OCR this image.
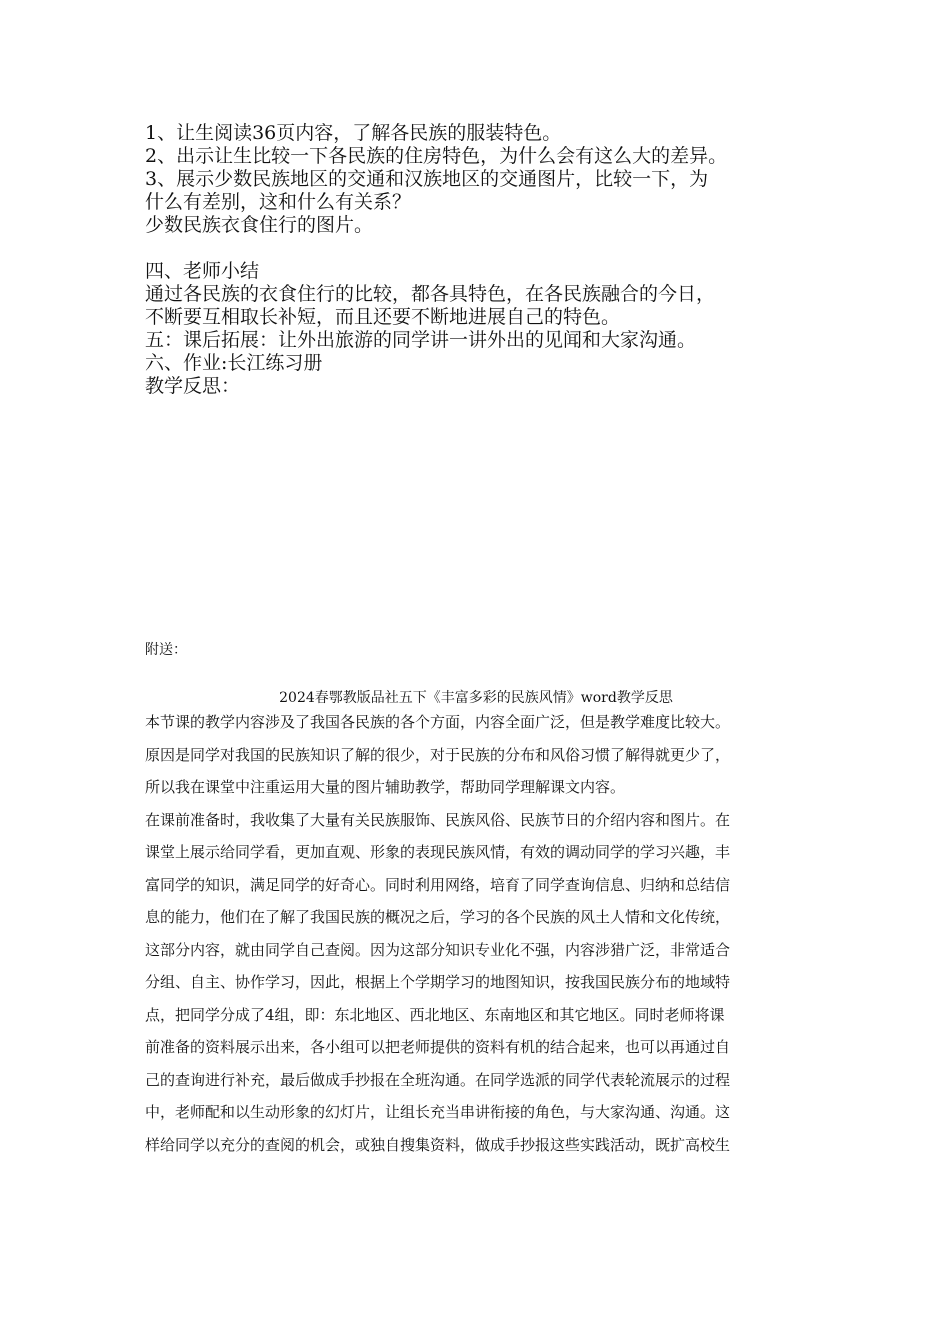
1、让生阅读36页内容，了解各民族的服装特色。

2、出示让生比较一下各民族的住房特色，为什么会有这么大的差异。

3、展示少数民族地区的交通和汉族地区的交通图片，比较一下，为

什么有差别，这和什么有关系？

少数民族衣食住行的图片。

四、老师小结

通过各民族的衣食住行的比较，都各具特色，在各民族融合的今日，

不断要互相取长补短，而且还要不断地进展自己的特色。

五：课后拓展：让外出旅游的同学讲一讲外出的见闻和大家沟通。

六、作业:长江练习册

教学反思：

附送：
2024春鄂教版品社五下《丰富多彩的民族风情》word教学反思

本节课的教学内容涉及了我国各民族的各个方面，内容全面广泛，但是教学难度比较大。

原因是同学对我国的民族知识了解的很少，对于民族的分布和风俗习惯了解得就更少了，

所以我在课堂中注重运用大量的图片辅助教学，帮助同学理解课文内容。

在课前准备时，我收集了大量有关民族服饰、民族风俗、民族节日的介绍内容和图片。在

课堂上展示给同学看，更加直观、形象的表现民族风情，有效的调动同学的学习兴趣，丰

富同学的知识，满足同学的好奇心。同时利用网络，培育了同学查询信息、归纳和总结信

息的能力，他们在了解了我国民族的概况之后，学习的各个民族的风土人情和文化传统，

这部分内容，就由同学自己查阅。因为这部分知识专业化不强，内容涉猎广泛，非常适合

分组、自主、协作学习，因此，根据上个学期学习的地图知识，按我国民族分布的地域特

点，把同学分成了4组，即：东北地区、西北地区、东南地区和其它地区。同时老师将课

前准备的资料展示出来，各小组可以把老师提供的资料有机的结合起来，也可以再通过自

己的查询进行补充，最后做成手抄报在全班沟通。在同学选派的同学代表轮流展示的过程

中，老师配和以生动形象的幻灯片，让组长充当串讲衔接的角色，与大家沟通、沟通。这

样给同学以充分的查阅的机会，或独自搜集资料，做成手抄报这些实践活动，既扩高校生
